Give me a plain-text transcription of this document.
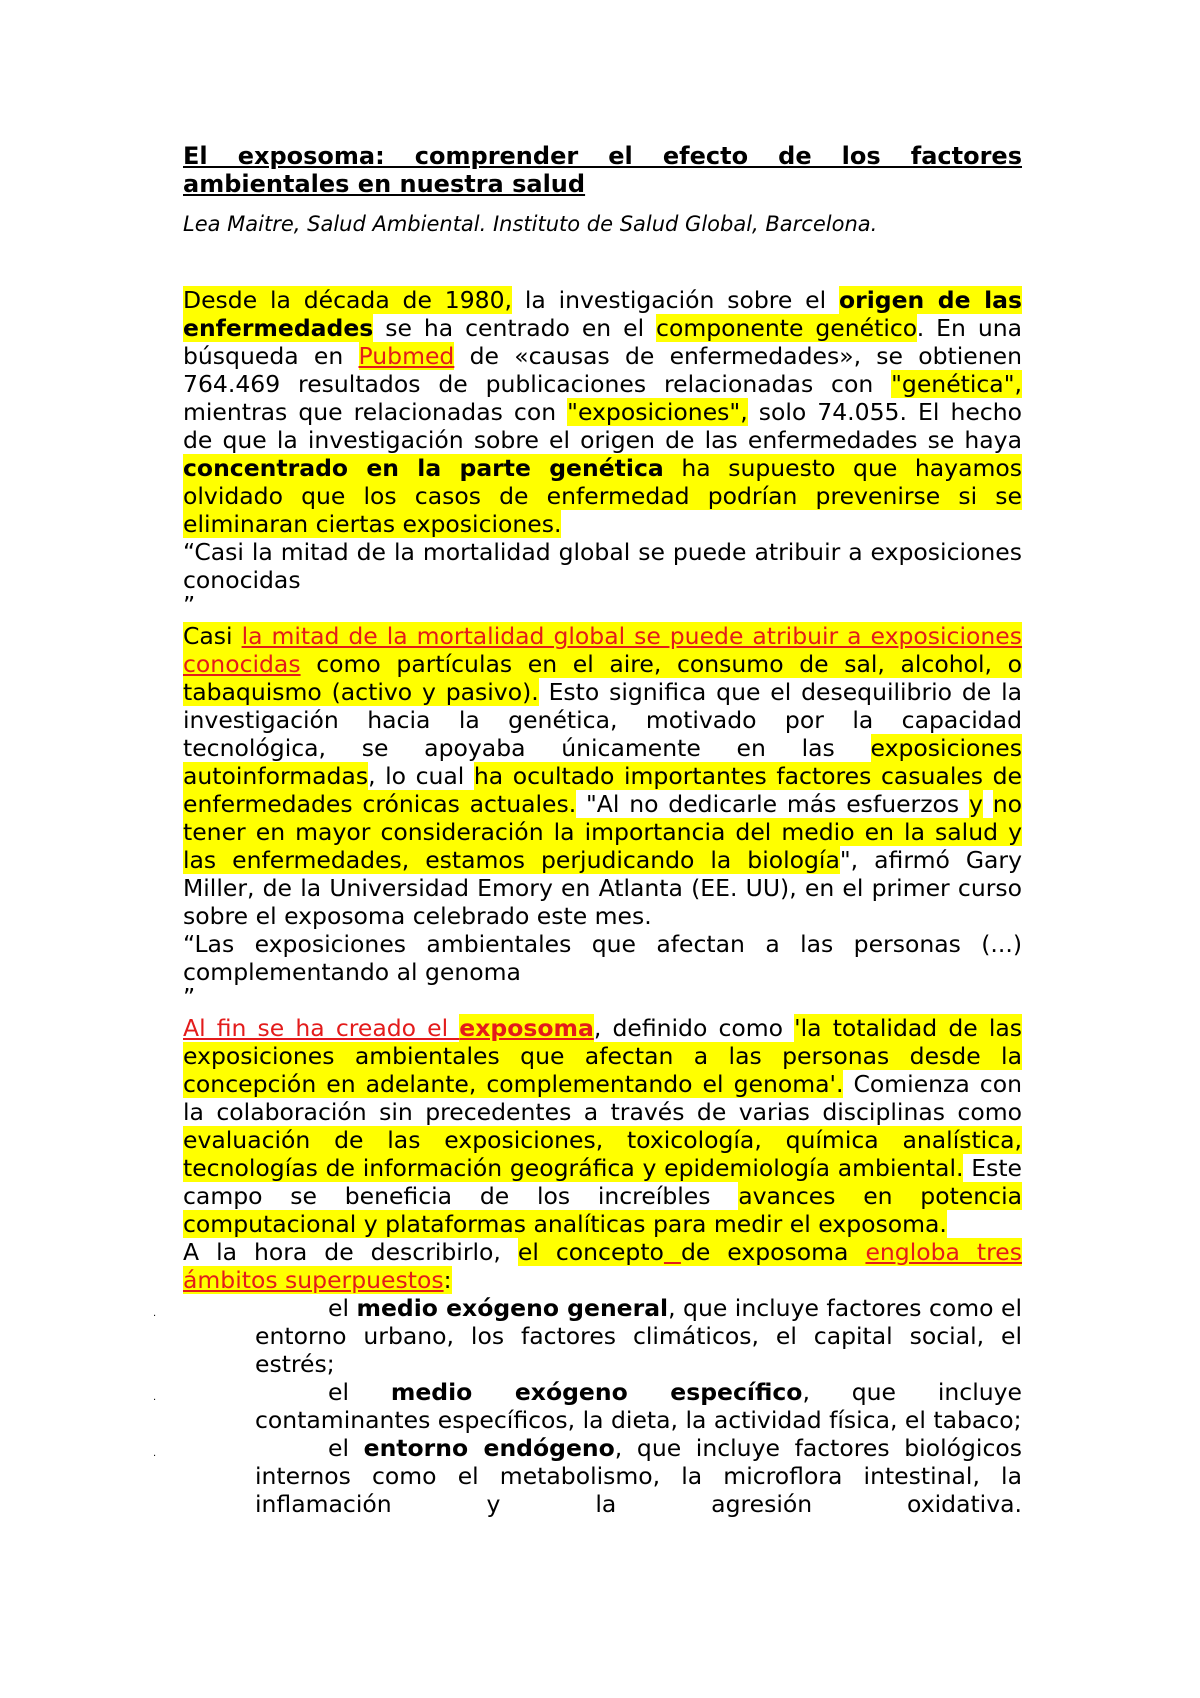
El exposoma: comprender el efecto de los factores ambientales en nuestra salud

Lea Maitre, Salud Ambiental. Instituto de Salud Global, Barcelona.

Desde la década de 1980, la investigación sobre el origen de las enfermedades se ha centrado en el componente genético. En una búsqueda en Pubmed de «causas de enfermedades», se obtienen 764.469 resultados de publicaciones relacionadas con "genética", mientras que relacionadas con "exposiciones", solo 74.055. El hecho de que la investigación sobre el origen de las enfermedades se haya concentrado en la parte genética ha supuesto que hayamos olvidado que los casos de enfermedad podrían prevenirse si se eliminaran ciertas exposiciones.

“Casi la mitad de la mortalidad global se puede atribuir a exposiciones conocidas

”

Casi la mitad de la mortalidad global se puede atribuir a exposiciones conocidas como partículas en el aire, consumo de sal, alcohol, o tabaquismo (activo y pasivo). Esto significa que el desequilibrio de la investigación hacia la genética, motivado por la capacidad tecnológica, se apoyaba únicamente en las exposiciones autoinformadas, lo cual ha ocultado importantes factores casuales de enfermedades crónicas actuales. "Al no dedicarle más esfuerzos y no tener en mayor consideración la importancia del medio en la salud y las enfermedades, estamos perjudicando la biología", afirmó Gary Miller, de la Universidad Emory en Atlanta (EE. UU), en el primer curso sobre el exposoma celebrado este mes.

“Las exposiciones ambientales que afectan a las personas (...) complementando al genoma

”

Al fin se ha creado el exposoma, definido como 'la totalidad de las exposiciones ambientales que afectan a las personas desde la concepción en adelante, complementando el genoma'. Comienza con la colaboración sin precedentes a través de varias disciplinas como evaluación de las exposiciones, toxicología, química analística, tecnologías de información geográfica y epidemiología ambiental. Este campo se beneficia de los increíbles avances en potencia computacional y plataformas analíticas para medir el exposoma.
A la hora de describirlo, el concepto de exposoma engloba tres ámbitos superpuestos:

·	el medio exógeno general, que incluye factores como el entorno urbano, los factores climáticos, el capital social, el estrés;
·	el medio exógeno específico, que incluye contaminantes específicos, la dieta, la actividad física, el tabaco;
·	el entorno endógeno, que incluye factores biológicos internos como el metabolismo, la microflora intestinal, la inflamación y la agresión oxidativa.
